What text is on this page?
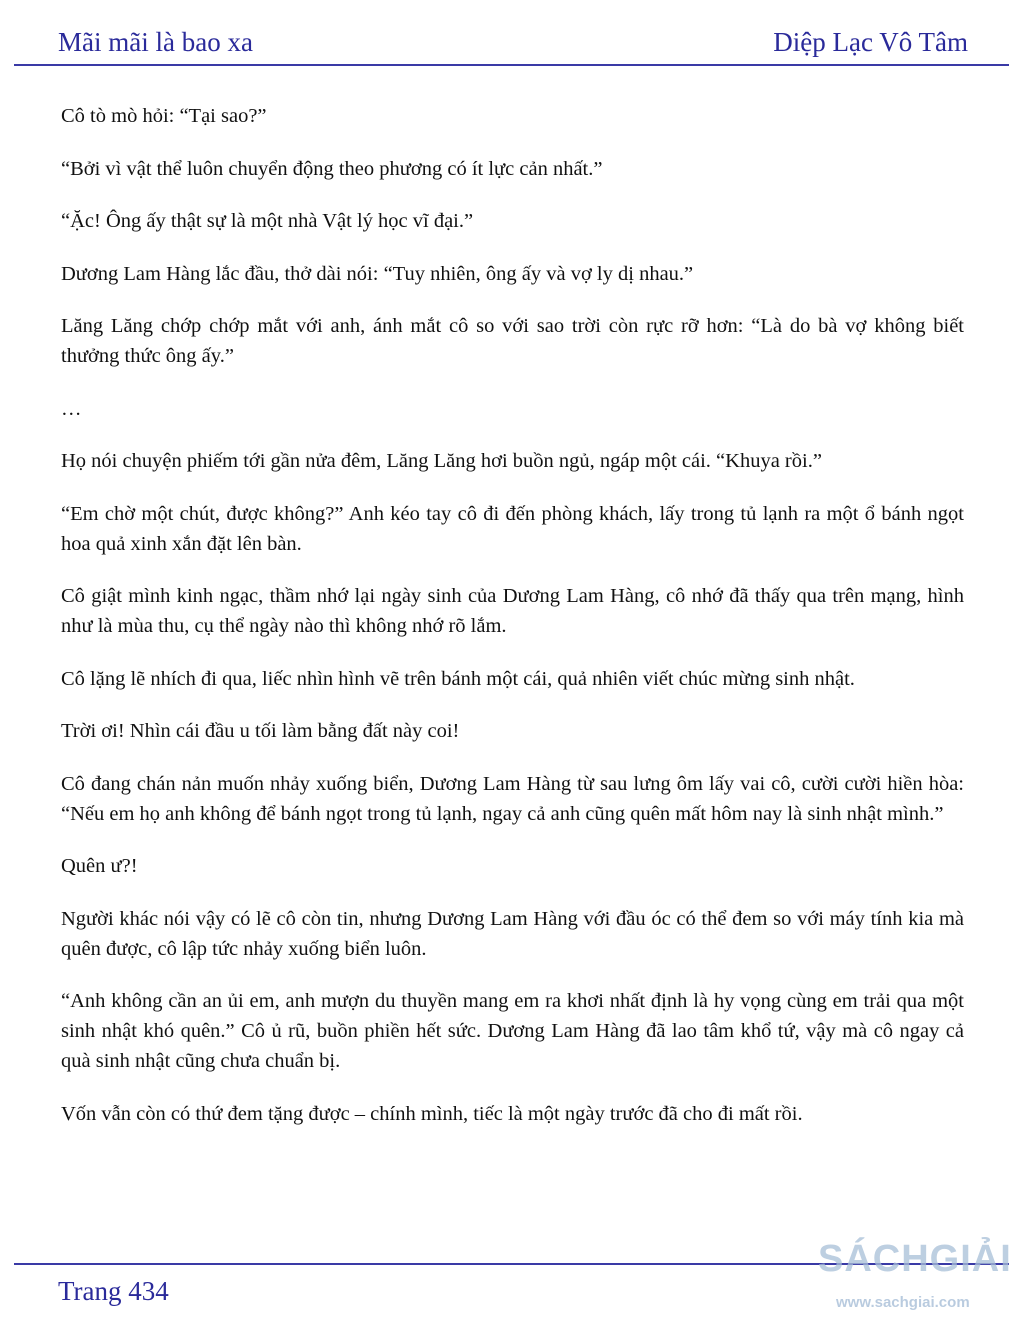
Mãi mãi là bao xa	Diệp Lạc Vô Tâm

Cô tò mò hỏi: “Tại sao?”

“Bởi vì vật thể luôn chuyển động theo phương có ít lực cản nhất.”

“Ặc! Ông ấy thật sự là một nhà Vật lý học vĩ đại.”

Dương Lam Hàng lắc đầu, thở dài nói: “Tuy nhiên, ông ấy và vợ ly dị nhau.”

Lăng Lăng chớp chớp mắt với anh, ánh mắt cô so với sao trời còn rực rỡ hơn: “Là do bà vợ không biết thưởng thức ông ấy.”

…

Họ nói chuyện phiếm tới gần nửa đêm, Lăng Lăng hơi buồn ngủ, ngáp một cái. “Khuya rồi.”

“Em chờ một chút, được không?” Anh kéo tay cô đi đến phòng khách, lấy trong tủ lạnh ra một ổ bánh ngọt hoa quả xinh xắn đặt lên bàn.

Cô giật mình kinh ngạc, thầm nhớ lại ngày sinh của Dương Lam Hàng, cô nhớ đã thấy qua trên mạng, hình như là mùa thu, cụ thể ngày nào thì không nhớ rõ lắm.

Cô lặng lẽ nhích đi qua, liếc nhìn hình vẽ trên bánh một cái, quả nhiên viết chúc mừng sinh nhật.

Trời ơi! Nhìn cái đầu u tối làm bằng đất này coi!

Cô đang chán nản muốn nhảy xuống biển, Dương Lam Hàng từ sau lưng ôm lấy vai cô, cười cười hiền hòa: “Nếu em họ anh không để bánh ngọt trong tủ lạnh, ngay cả anh cũng quên mất hôm nay là sinh nhật mình.”

Quên ư?!

Người khác nói vậy có lẽ cô còn tin, nhưng Dương Lam Hàng với đầu óc có thể đem so với máy tính kia mà quên được, cô lập tức nhảy xuống biển luôn.

“Anh không cần an ủi em, anh mượn du thuyền mang em ra khơi nhất định là hy vọng cùng em trải qua một sinh nhật khó quên.” Cô ủ rũ, buồn phiền hết sức. Dương Lam Hàng đã lao tâm khổ tứ, vậy mà cô ngay cả quà sinh nhật cũng chưa chuẩn bị.

Vốn vẫn còn có thứ đem tặng được – chính mình, tiếc là một ngày trước đã cho đi mất rồi.

Trang 434
SÁCHGIẢI
www.sachgiai.com
